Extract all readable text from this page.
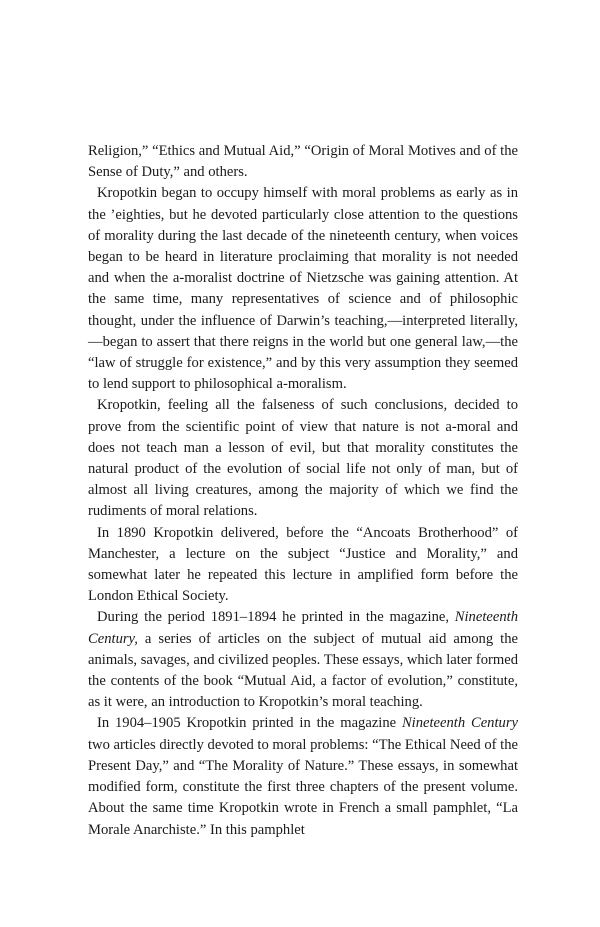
Religion,” “Ethics and Mutual Aid,” “Origin of Moral Motives and of the Sense of Duty,” and others.

Kropotkin began to occupy himself with moral problems as early as in the ’eighties, but he devoted particularly close attention to the questions of morality during the last decade of the nineteenth century, when voices began to be heard in literature proclaiming that morality is not needed and when the a-moralist doctrine of Nietzsche was gaining attention. At the same time, many representatives of science and of philosophic thought, under the influence of Darwin’s teaching,—interpreted literally,—began to assert that there reigns in the world but one general law,—the “law of struggle for existence,” and by this very assumption they seemed to lend support to philosophical a-moralism.

Kropotkin, feeling all the falseness of such conclusions, decided to prove from the scientific point of view that nature is not a-moral and does not teach man a lesson of evil, but that morality constitutes the natural product of the evolution of social life not only of man, but of almost all living creatures, among the majority of which we find the rudiments of moral relations.

In 1890 Kropotkin delivered, before the “Ancoats Brotherhood” of Manchester, a lecture on the subject “Justice and Morality,” and somewhat later he repeated this lecture in amplified form before the London Ethical Society.

During the period 1891–1894 he printed in the magazine, Nineteenth Century, a series of articles on the subject of mutual aid among the animals, savages, and civilized peoples. These essays, which later formed the contents of the book “Mutual Aid, a factor of evolution,” constitute, as it were, an introduction to Kropotkin’s moral teaching.

In 1904–1905 Kropotkin printed in the magazine Nineteenth Century two articles directly devoted to moral problems: “The Ethical Need of the Present Day,” and “The Morality of Nature.” These essays, in somewhat modified form, constitute the first three chapters of the present volume. About the same time Kropotkin wrote in French a small pamphlet, “La Morale Anarchiste.” In this pamphlet
